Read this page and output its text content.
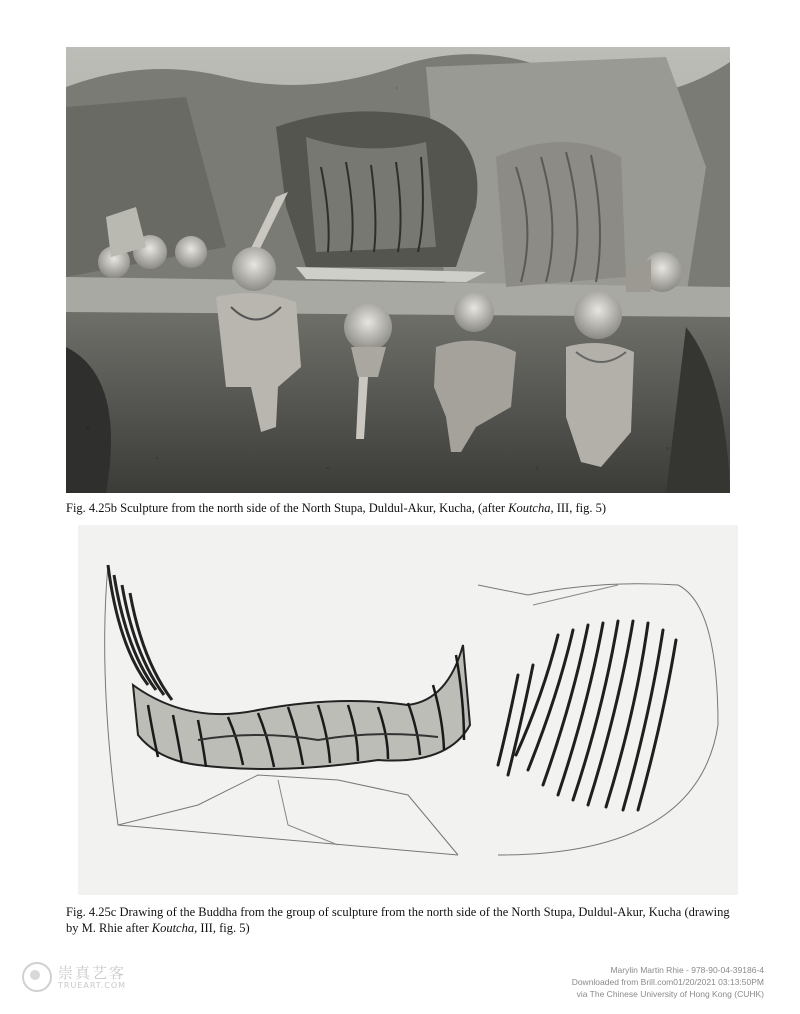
Fig. 4.25b Sculpture from the north side of the North Stupa, Duldul-Akur, Kucha, (after Koutcha, III, fig. 5)
Fig. 4.25c Drawing of the Buddha from the group of sculpture from the north side of the North Stupa, Duldul-Akur, Kucha (drawing by M. Rhie after Koutcha, III, fig. 5)
崇真艺客
TRUEART.COM
Marylin Martin Rhie - 978-90-04-39186-4
Downloaded from Brill.com01/20/2021 03:13:50PM
via The Chinese University of Hong Kong (CUHK)
